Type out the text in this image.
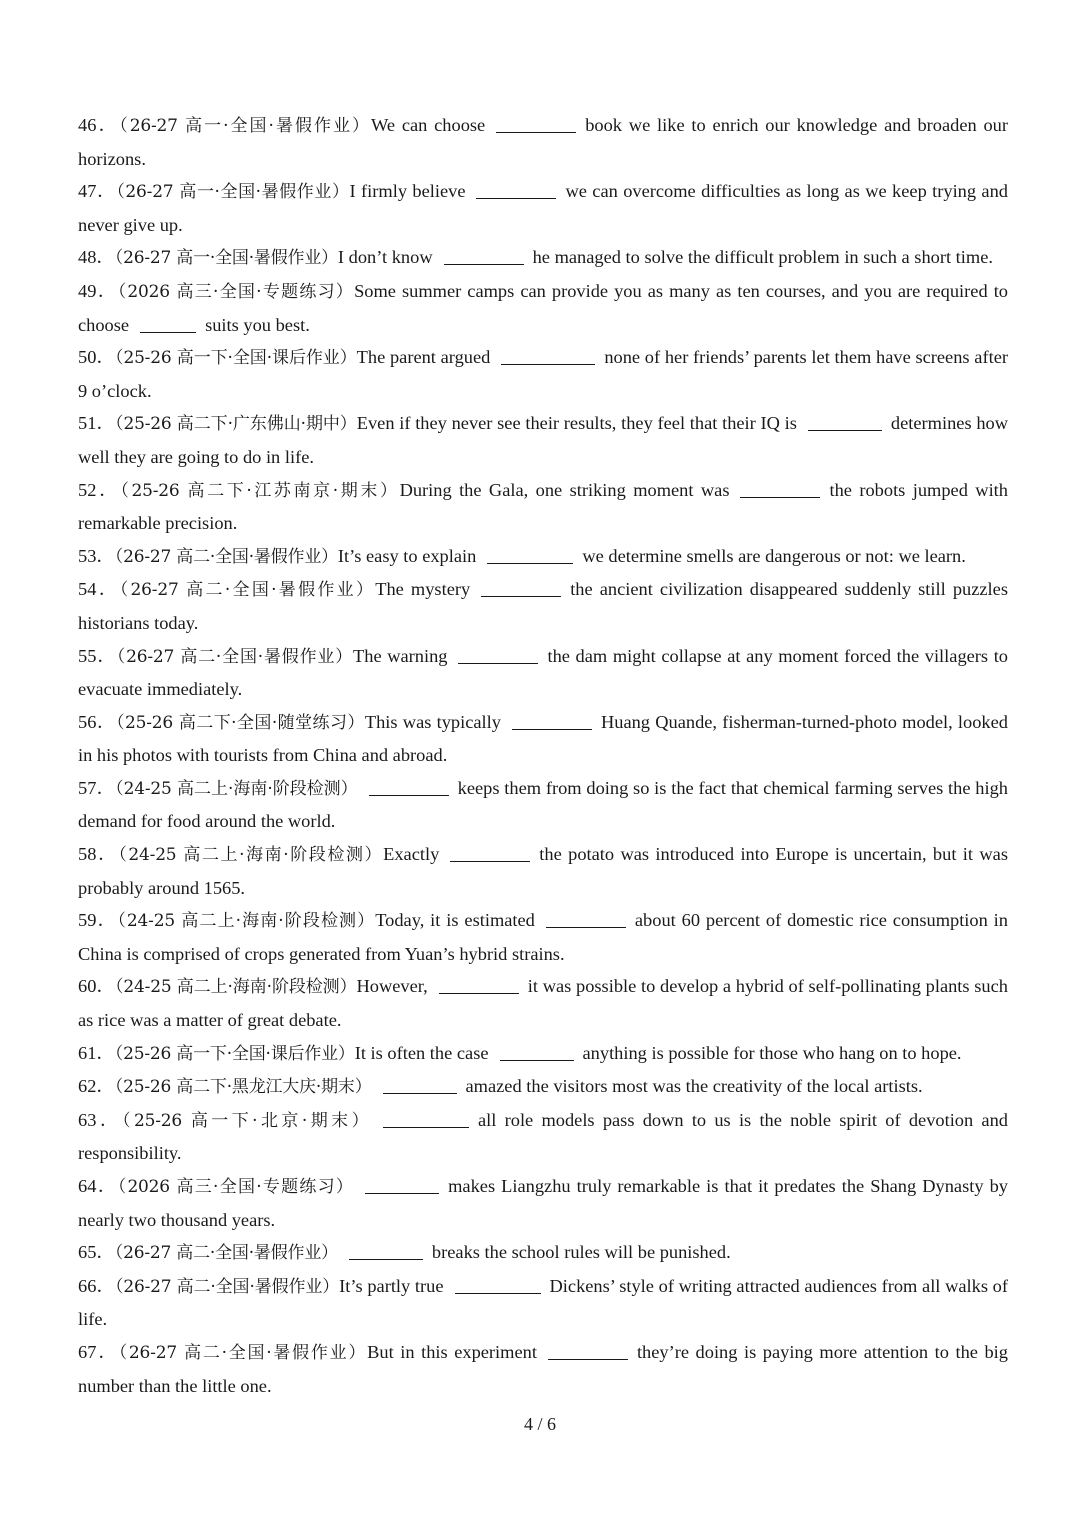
46．（26-27 高一·全国·暑假作业）We can choose	book we like to enrich our knowledge and broaden our horizons.

47．（26-27 高一·全国·暑假作业）I firmly believe	we can overcome difficulties as long as we keep trying and never give up.

48．（26-27 高一·全国·暑假作业）I don’t know	he managed to solve the difficult problem in such a short time.

49．（2026 高三·全国·专题练习）Some summer camps can provide you as many as ten courses, and you are required to choose	suits you best.

50．（25-26 高一下·全国·课后作业）The parent argued	none of her friends’ parents let them have screens after 9 o’clock.

51．（25-26 高二下·广东佛山·期中）Even if they never see their results, they feel that their IQ is	determines how well they are going to do in life.

52．（25-26 高二下·江苏南京·期末）During the Gala, one striking moment was	the robots jumped with remarkable precision.

53．（26-27 高二·全国·暑假作业）It’s easy to explain	we determine smells are dangerous or not: we learn.

54．（26-27 高二·全国·暑假作业）The mystery	the ancient civilization disappeared suddenly still puzzles historians today.

55．（26-27 高二·全国·暑假作业）The warning	the dam might collapse at any moment forced the villagers to evacuate immediately.

56．（25-26 高二下·全国·随堂练习）This was typically	Huang Quande, fisherman-turned-photo model, looked in his photos with tourists from China and abroad.

57．（24-25 高二上·海南·阶段检测）	keeps them from doing so is the fact that chemical farming serves the high demand for food around the world.

58．（24-25 高二上·海南·阶段检测）Exactly	the potato was introduced into Europe is uncertain, but it was probably around 1565.

59．（24-25 高二上·海南·阶段检测）Today, it is estimated	about 60 percent of domestic rice consumption in China is comprised of crops generated from Yuan’s hybrid strains.

60．（24-25 高二上·海南·阶段检测）However,	it was possible to develop a hybrid of self-pollinating plants such as rice was a matter of great debate.

61．（25-26 高一下·全国·课后作业）It is often the case	anything is possible for those who hang on to hope.

62．（25-26 高二下·黑龙江大庆·期末）	amazed the visitors most was the creativity of the local artists.

63．（25-26 高一下·北京·期末）	all role models pass down to us is the noble spirit of devotion and responsibility.

64．（2026 高三·全国·专题练习）	makes Liangzhu truly remarkable is that it predates the Shang Dynasty by nearly two thousand years.

65．（26-27 高二·全国·暑假作业）	breaks the school rules will be punished.

66．（26-27 高二·全国·暑假作业）It’s partly true	Dickens’ style of writing attracted audiences from all walks of life.

67．（26-27 高二·全国·暑假作业）But in this experiment	they’re doing is paying more attention to the big number than the little one.

4 / 6
